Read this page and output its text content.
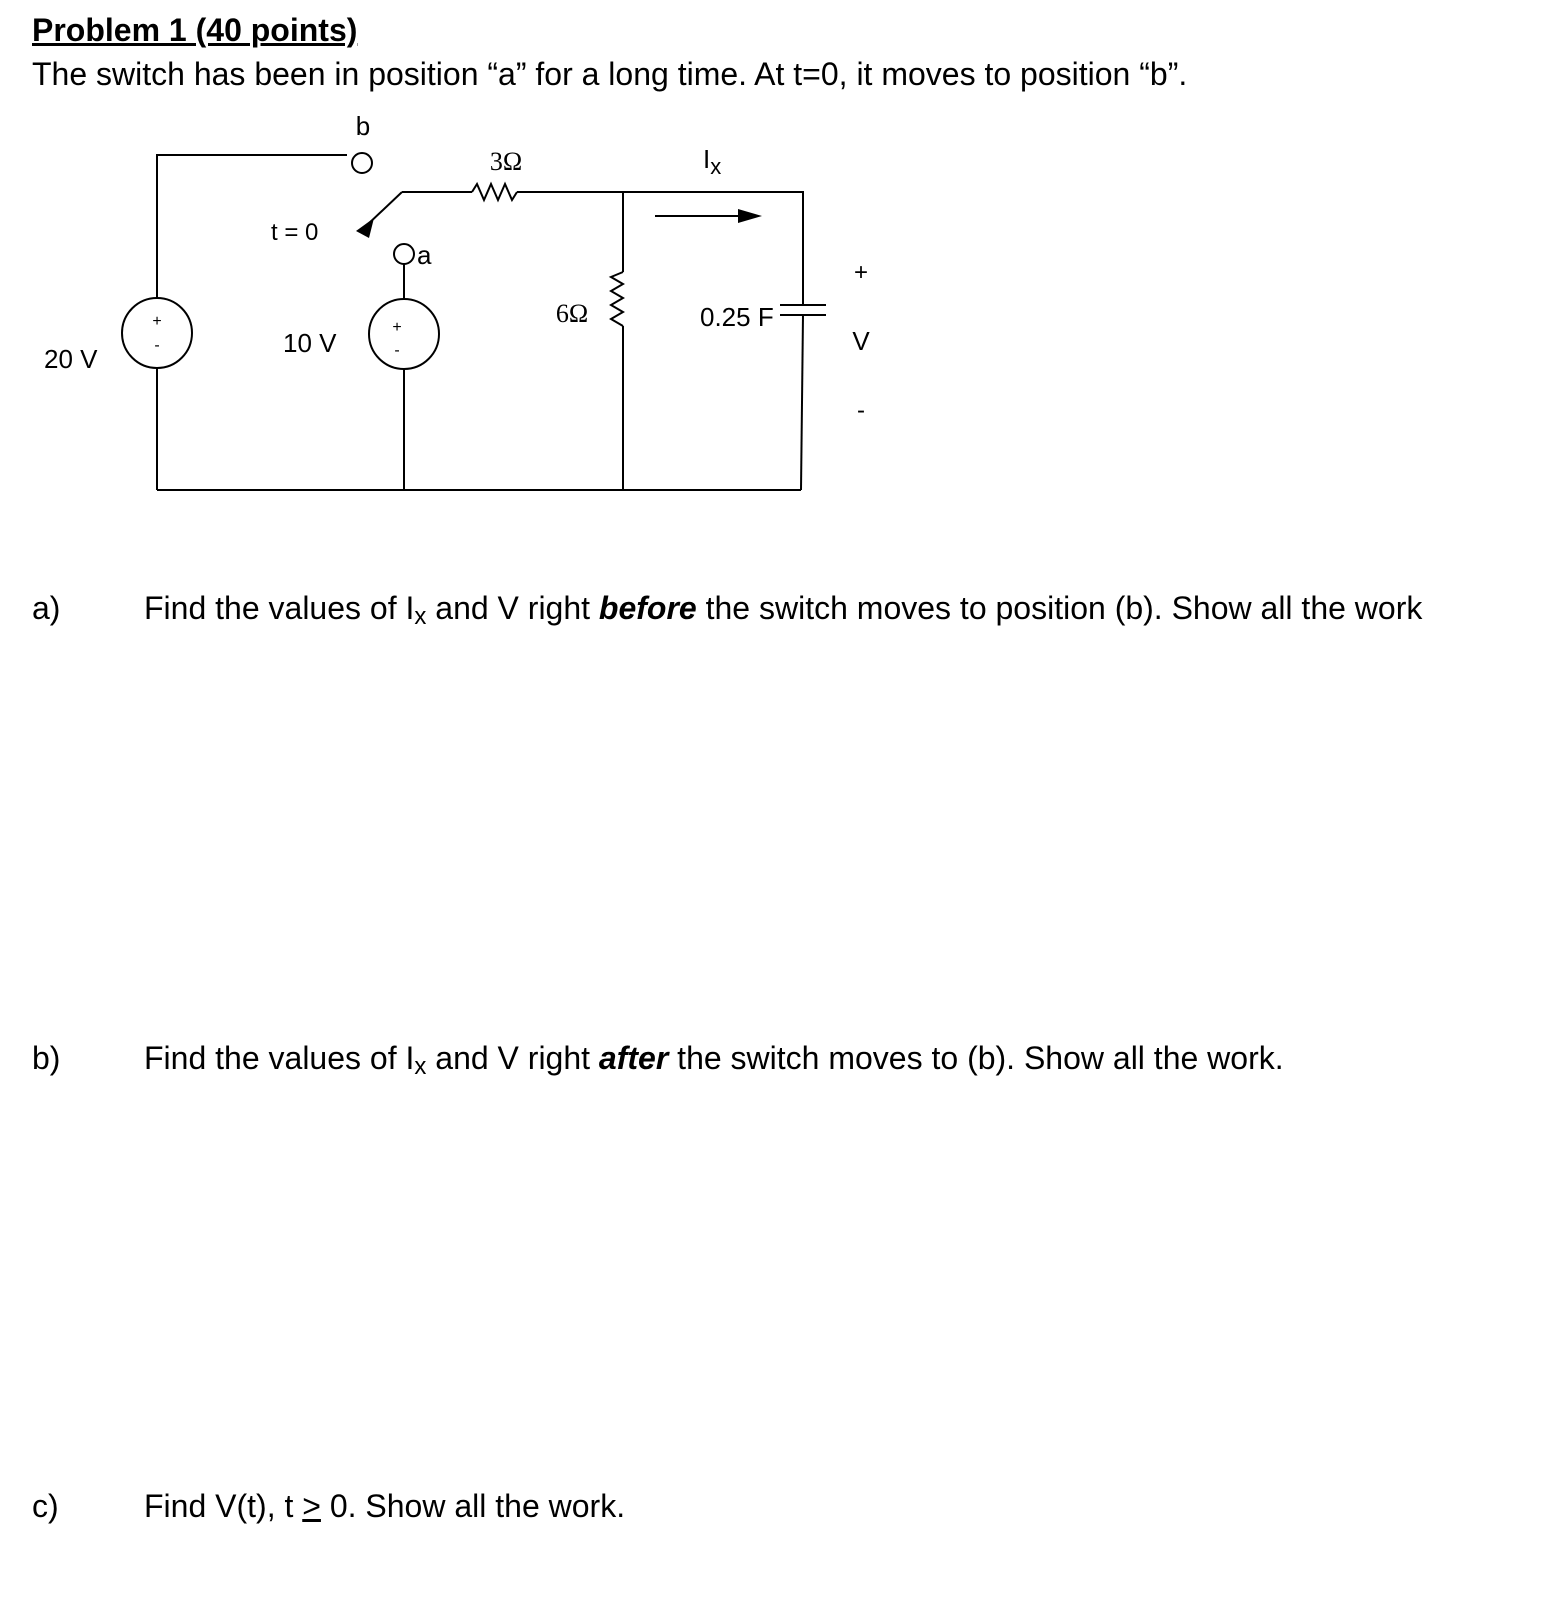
Problem 1 (40 points)
The switch has been in position “a” for a long time. At t=0, it moves to position “b”.
b
a
t = 0
20 V
+
-	10 V
+
-
3Ω
6Ω	0.25 F
$I_x$
+
V
-
a)	Find the values of Ix and V right before the switch moves to position (b). Show all the work
b)	Find the values of Ix and V right after the switch moves to (b). Show all the work.
c)	Find V(t), t ≥ 0. Show all the work.
